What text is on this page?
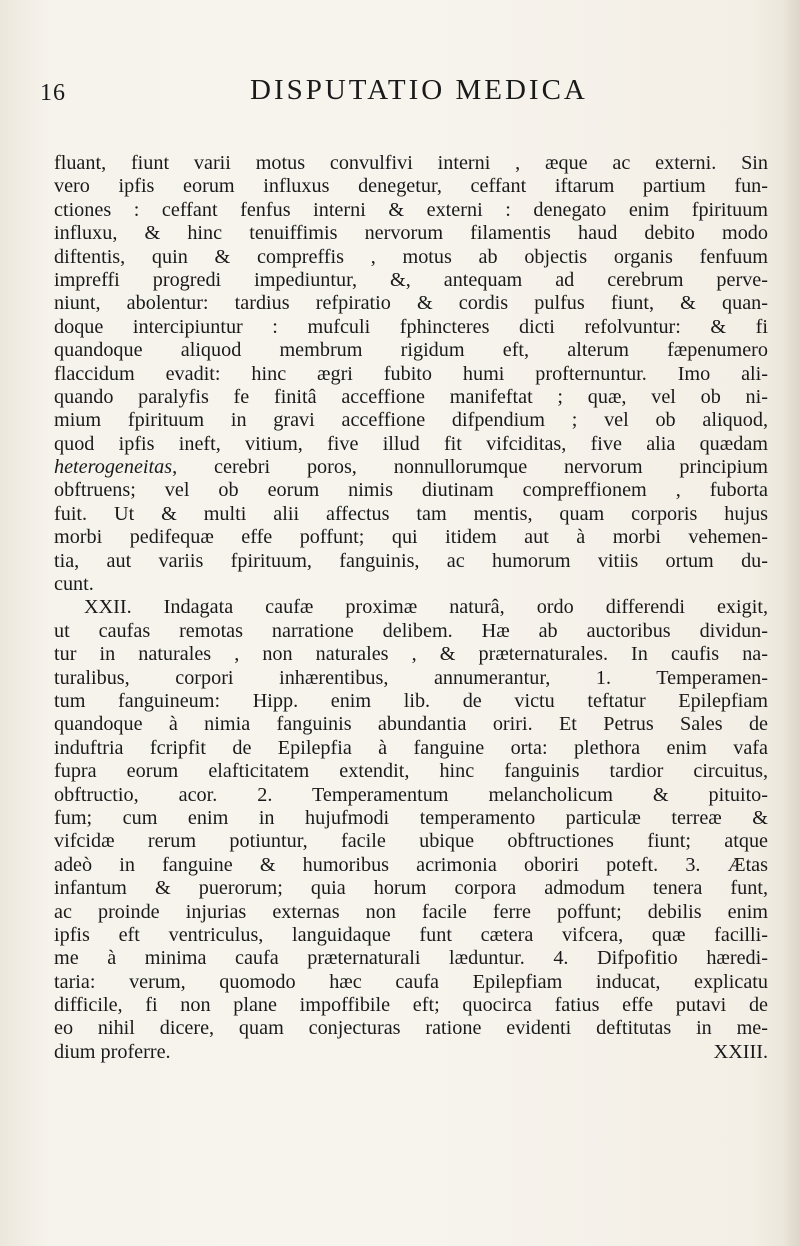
16	DISPUTATIO MEDICA
fluant, fiunt varii motus convulfivi interni , æque ac externi. Sin
vero ipfis eorum influxus denegetur, ceffant iftarum partium fun-
ctiones : ceffant fenfus interni & externi : denegato enim fpirituum
influxu, & hinc tenuiffimis nervorum filamentis haud debito modo
diftentis, quin & compreffis , motus ab objectis organis fenfuum
impreffi progredi impediuntur, &, antequam ad cerebrum perve-
niunt, abolentur: tardius refpiratio & cordis pulfus fiunt, & quan-
doque intercipiuntur : mufculi fphincteres dicti refolvuntur: & fi
quandoque aliquod membrum rigidum eft, alterum fæpenumero
flaccidum evadit: hinc ægri fubito humi profternuntur. Imo ali-
quando paralyfis fe finitâ acceffione manifeftat ; quæ, vel ob ni-
mium fpirituum in gravi acceffione difpendium ; vel ob aliquod,
quod ipfis ineft, vitium, five illud fit vifciditas, five alia quædam
heterogeneitas, cerebri poros, nonnullorumque nervorum principium
obftruens; vel ob eorum nimis diutinam compreffionem , fuborta
fuit. Ut & multi alii affectus tam mentis, quam corporis hujus
morbi pedifequæ effe poffunt; qui itidem aut à morbi vehemen-
tia, aut variis fpirituum, fanguinis, ac humorum vitiis ortum du-
cunt.
XXII. Indagata caufæ proximæ naturâ, ordo differendi exigit,
ut caufas remotas narratione delibem. Hæ ab auctoribus dividun-
tur in naturales , non naturales , & præternaturales. In caufis na-
turalibus, corpori inhærentibus, annumerantur, 1. Temperamen-
tum fanguineum: Hipp. enim lib. de victu teftatur Epilepfiam
quandoque à nimia fanguinis abundantia oriri. Et Petrus Sales de
induftria fcripfit de Epilepfia à fanguine orta: plethora enim vafa
fupra eorum elafticitatem extendit, hinc fanguinis tardior circuitus,
obftructio, acor. 2. Temperamentum melancholicum & pituito-
fum; cum enim in hujufmodi temperamento particulæ terreæ &
vifcidæ rerum potiuntur, facile ubique obftructiones fiunt; atque
adeò in fanguine & humoribus acrimonia oboriri poteft. 3. Ætas
infantum & puerorum; quia horum corpora admodum tenera funt,
ac proinde injurias externas non facile ferre poffunt; debilis enim
ipfis eft ventriculus, languidaque funt cætera vifcera, quæ facilli-
me à minima caufa præternaturali læduntur. 4. Difpofitio hæredi-
taria: verum, quomodo hæc caufa Epilepfiam inducat, explicatu
difficile, fi non plane impoffibile eft; quocirca fatius effe putavi de
eo nihil dicere, quam conjecturas ratione evidenti deftitutas in me-
dium proferre.	XXIII.
